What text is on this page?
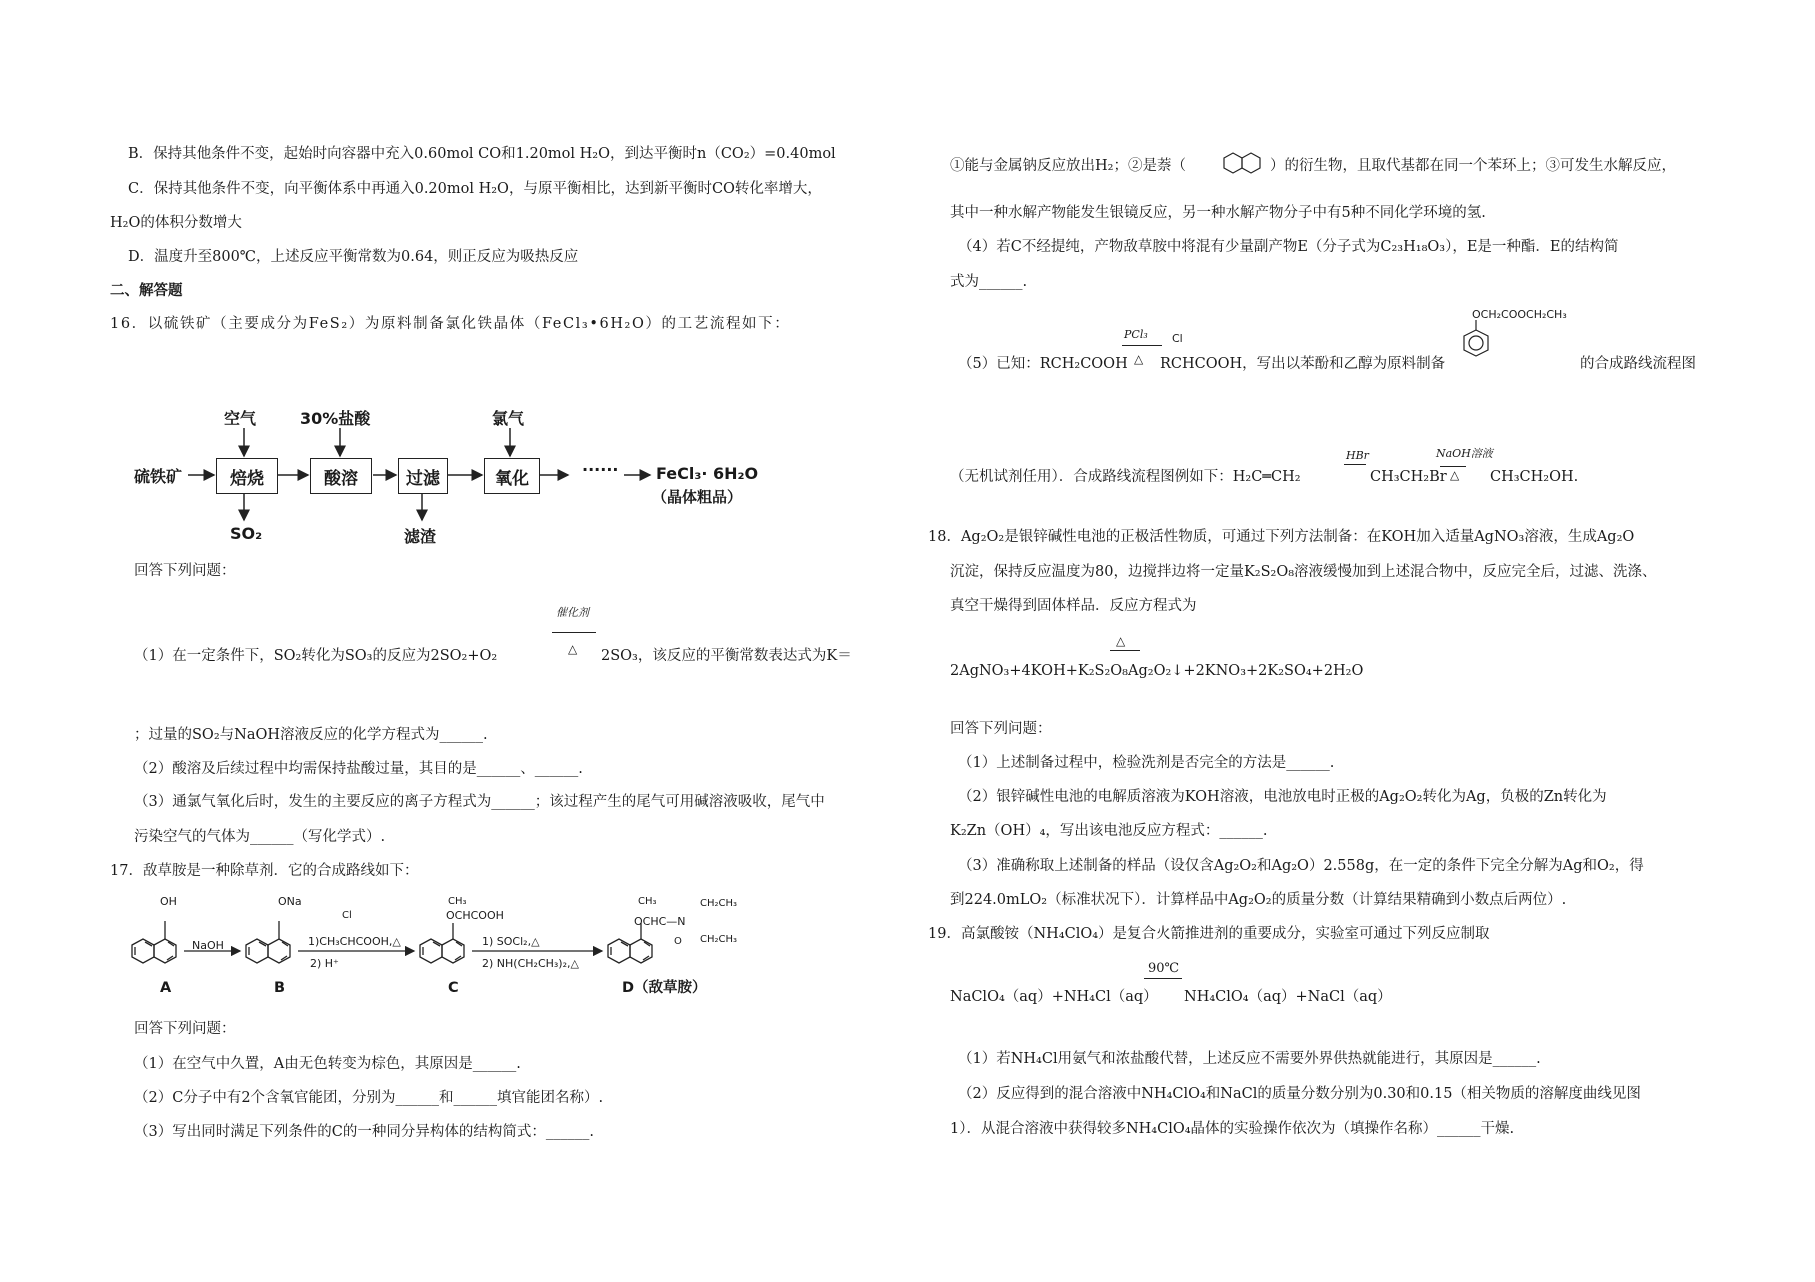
B．保持其他条件不变，起始时向容器中充入0.60mol CO和1.20mol H₂O，到达平衡时n（CO₂）=0.40mol
C．保持其他条件不变，向平衡体系中再通入0.20mol H₂O，与原平衡相比，达到新平衡时CO转化率增大，
H₂O的体积分数增大
D．温度升至800℃，上述反应平衡常数为0.64，则正反应为吸热反应
二、解答题
16．以硫铁矿（主要成分为FeS₂）为原料制备氯化铁晶体（FeCl₃•6H₂O）的工艺流程如下：
硫铁矿	焙烧	酸溶	过滤	氧化
空气	30%盐酸	氯气
SO₂	滤渣
······ FeCl₃· 6H₂O
（晶体粗品）
回答下列问题：
催化剂
△
（1）在一定条件下，SO₂转化为SO₃的反应为2SO₂+O₂	2SO₃，该反应的平衡常数表达式为K＝
；过量的SO₂与NaOH溶液反应的化学方程式为______.
（2）酸溶及后续过程中均需保持盐酸过量，其目的是______、______.
（3）通氯气氧化后时，发生的主要反应的离子方程式为______；该过程产生的尾气可用碱溶液吸收，尾气中
污染空气的气体为______（写化学式）.
17．敌草胺是一种除草剂．它的合成路线如下：
OH	ONa
NaOH
Cl
1)CH₃CHCOOH,△
2) H⁺
CH₃
OCHCOOH
1) SOCl₂,△
2) NH(CH₂CH₃)₂,△
CH₃
OCHC—N
O
CH₂CH₃
CH₂CH₃
A	B	C	D（敌草胺）
回答下列问题：
（1）在空气中久置，A由无色转变为棕色，其原因是______.
（2）C分子中有2个含氧官能团，分别为______和______填官能团名称）.
（3）写出同时满足下列条件的C的一种同分异构体的结构简式：______.
①能与金属钠反应放出H₂；②是萘（	）的衍生物，且取代基都在同一个苯环上；③可发生水解反应，
其中一种水解产物能发生银镜反应，另一种水解产物分子中有5种不同化学环境的氢.
（4）若C不经提纯，产物敌草胺中将混有少量副产物E（分子式为C₂₃H₁₈O₃），E是一种酯．E的结构简
式为______.
PCl₃
△
Cl
（5）已知：RCH₂COOH RCHCOOH，写出以苯酚和乙醇为原料制备
OCH₂COOCH₂CH₃
的合成路线流程图
HBr	NaOH溶液
△
（无机试剂任用）．合成路线流程图例如下：H₂C═CH₂	CH₃CH₂Br	CH₃CH₂OH.
18．Ag₂O₂是银锌碱性电池的正极活性物质，可通过下列方法制备：在KOH加入适量AgNO₃溶液，生成Ag₂O
沉淀，保持反应温度为80，边搅拌边将一定量K₂S₂O₈溶液缓慢加到上述混合物中，反应完全后，过滤、洗涤、
真空干燥得到固体样品．反应方程式为
△
2AgNO₃+4KOH+K₂S₂O₈ Ag₂O₂↓+2KNO₃+2K₂SO₄+2H₂O
回答下列问题：
（1）上述制备过程中，检验洗剂是否完全的方法是______.
（2）银锌碱性电池的电解质溶液为KOH溶液，电池放电时正极的Ag₂O₂转化为Ag，负极的Zn转化为
K₂Zn（OH）₄，写出该电池反应方程式：______.
（3）准确称取上述制备的样品（设仅含Ag₂O₂和Ag₂O）2.558g，在一定的条件下完全分解为Ag和O₂，得
到224.0mLO₂（标准状况下）．计算样品中Ag₂O₂的质量分数（计算结果精确到小数点后两位）.
19．高氯酸铵（NH₄ClO₄）是复合火箭推进剂的重要成分，实验室可通过下列反应制取
90℃
NaClO₄（aq）+NH₄Cl（aq） NH₄ClO₄（aq）+NaCl（aq）
（1）若NH₄Cl用氨气和浓盐酸代替，上述反应不需要外界供热就能进行，其原因是______.
（2）反应得到的混合溶液中NH₄ClO₄和NaCl的质量分数分别为0.30和0.15（相关物质的溶解度曲线见图
1）．从混合溶液中获得较多NH₄ClO₄晶体的实验操作依次为（填操作名称）______干燥.
